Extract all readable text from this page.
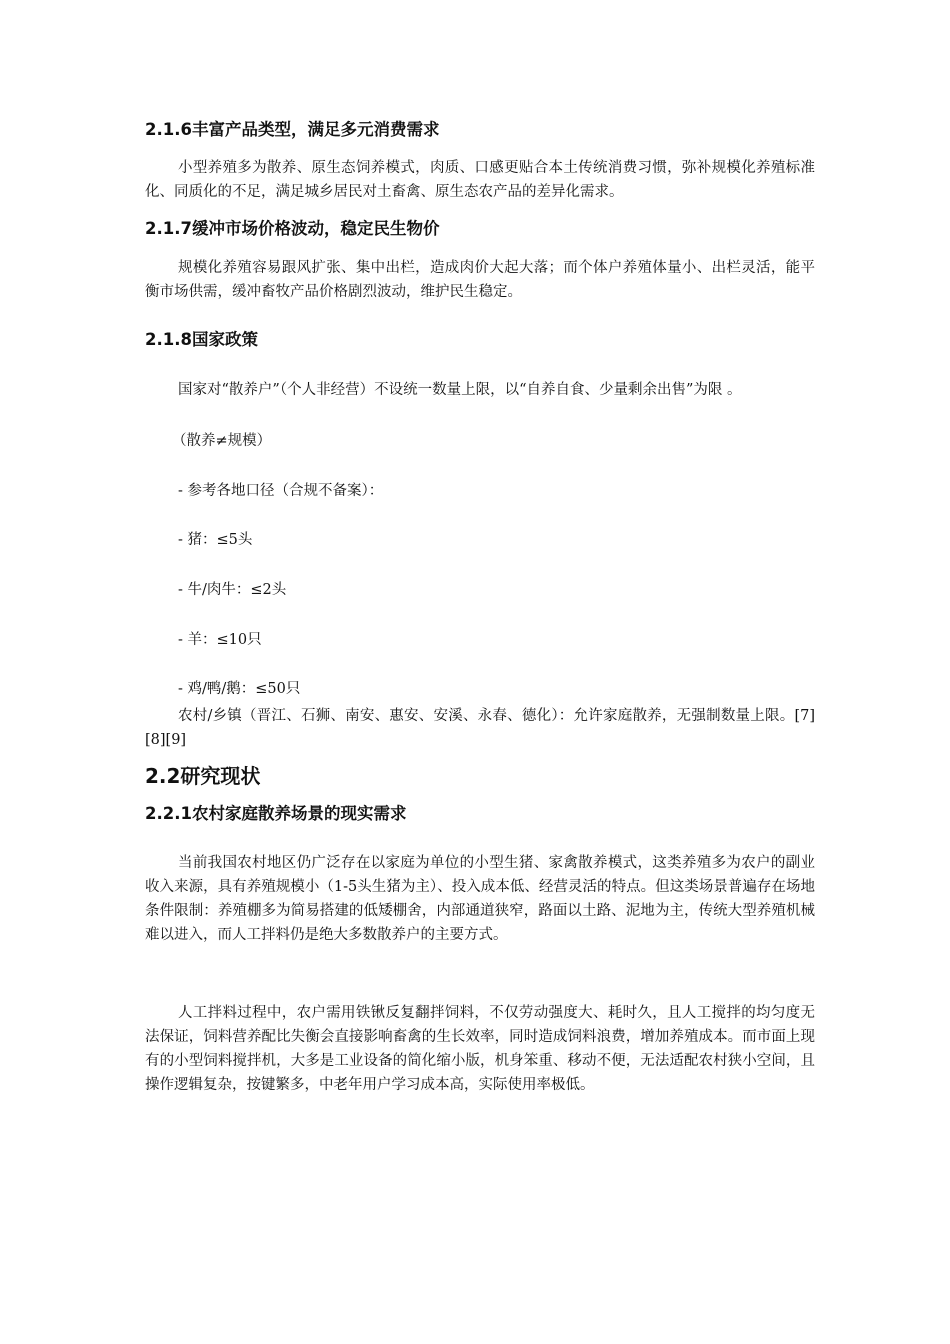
2.1.6丰富产品类型，满足多元消费需求
小型养殖多为散养、原生态饲养模式，肉质、口感更贴合本土传统消费习惯，弥补规模化养殖标准化、同质化的不足，满足城乡居民对土畜禽、原生态农产品的差异化需求。
2.1.7缓冲市场价格波动，稳定民生物价
规模化养殖容易跟风扩张、集中出栏，造成肉价大起大落；而个体户养殖体量小、出栏灵活，能平衡市场供需，缓冲畜牧产品价格剧烈波动，维护民生稳定。
2.1.8国家政策
国家对“散养户”（个人非经营）不设统一数量上限，以“自养自食、少量剩余出售”为限 。
（散养≠规模）
- 参考各地口径（合规不备案）：
- 猪：≤5头
- 牛/肉牛：≤2头
- 羊：≤10只
- 鸡/鸭/鹅：≤50只
农村/乡镇（晋江、石狮、南安、惠安、安溪、永春、德化）：允许家庭散养，无强制数量上限。[7][8][9]
2.2研究现状
2.2.1农村家庭散养场景的现实需求
当前我国农村地区仍广泛存在以家庭为单位的小型生猪、家禽散养模式，这类养殖多为农户的副业收入来源，具有养殖规模小（1-5头生猪为主）、投入成本低、经营灵活的特点。但这类场景普遍存在场地条件限制：养殖棚多为简易搭建的低矮棚舍，内部通道狭窄，路面以土路、泥地为主，传统大型养殖机械难以进入，而人工拌料仍是绝大多数散养户的主要方式。
人工拌料过程中，农户需用铁锹反复翻拌饲料，不仅劳动强度大、耗时久，且人工搅拌的均匀度无法保证，饲料营养配比失衡会直接影响畜禽的生长效率，同时造成饲料浪费，增加养殖成本。而市面上现有的小型饲料搅拌机，大多是工业设备的简化缩小版，机身笨重、移动不便，无法适配农村狭小空间，且操作逻辑复杂，按键繁多，中老年用户学习成本高，实际使用率极低。
